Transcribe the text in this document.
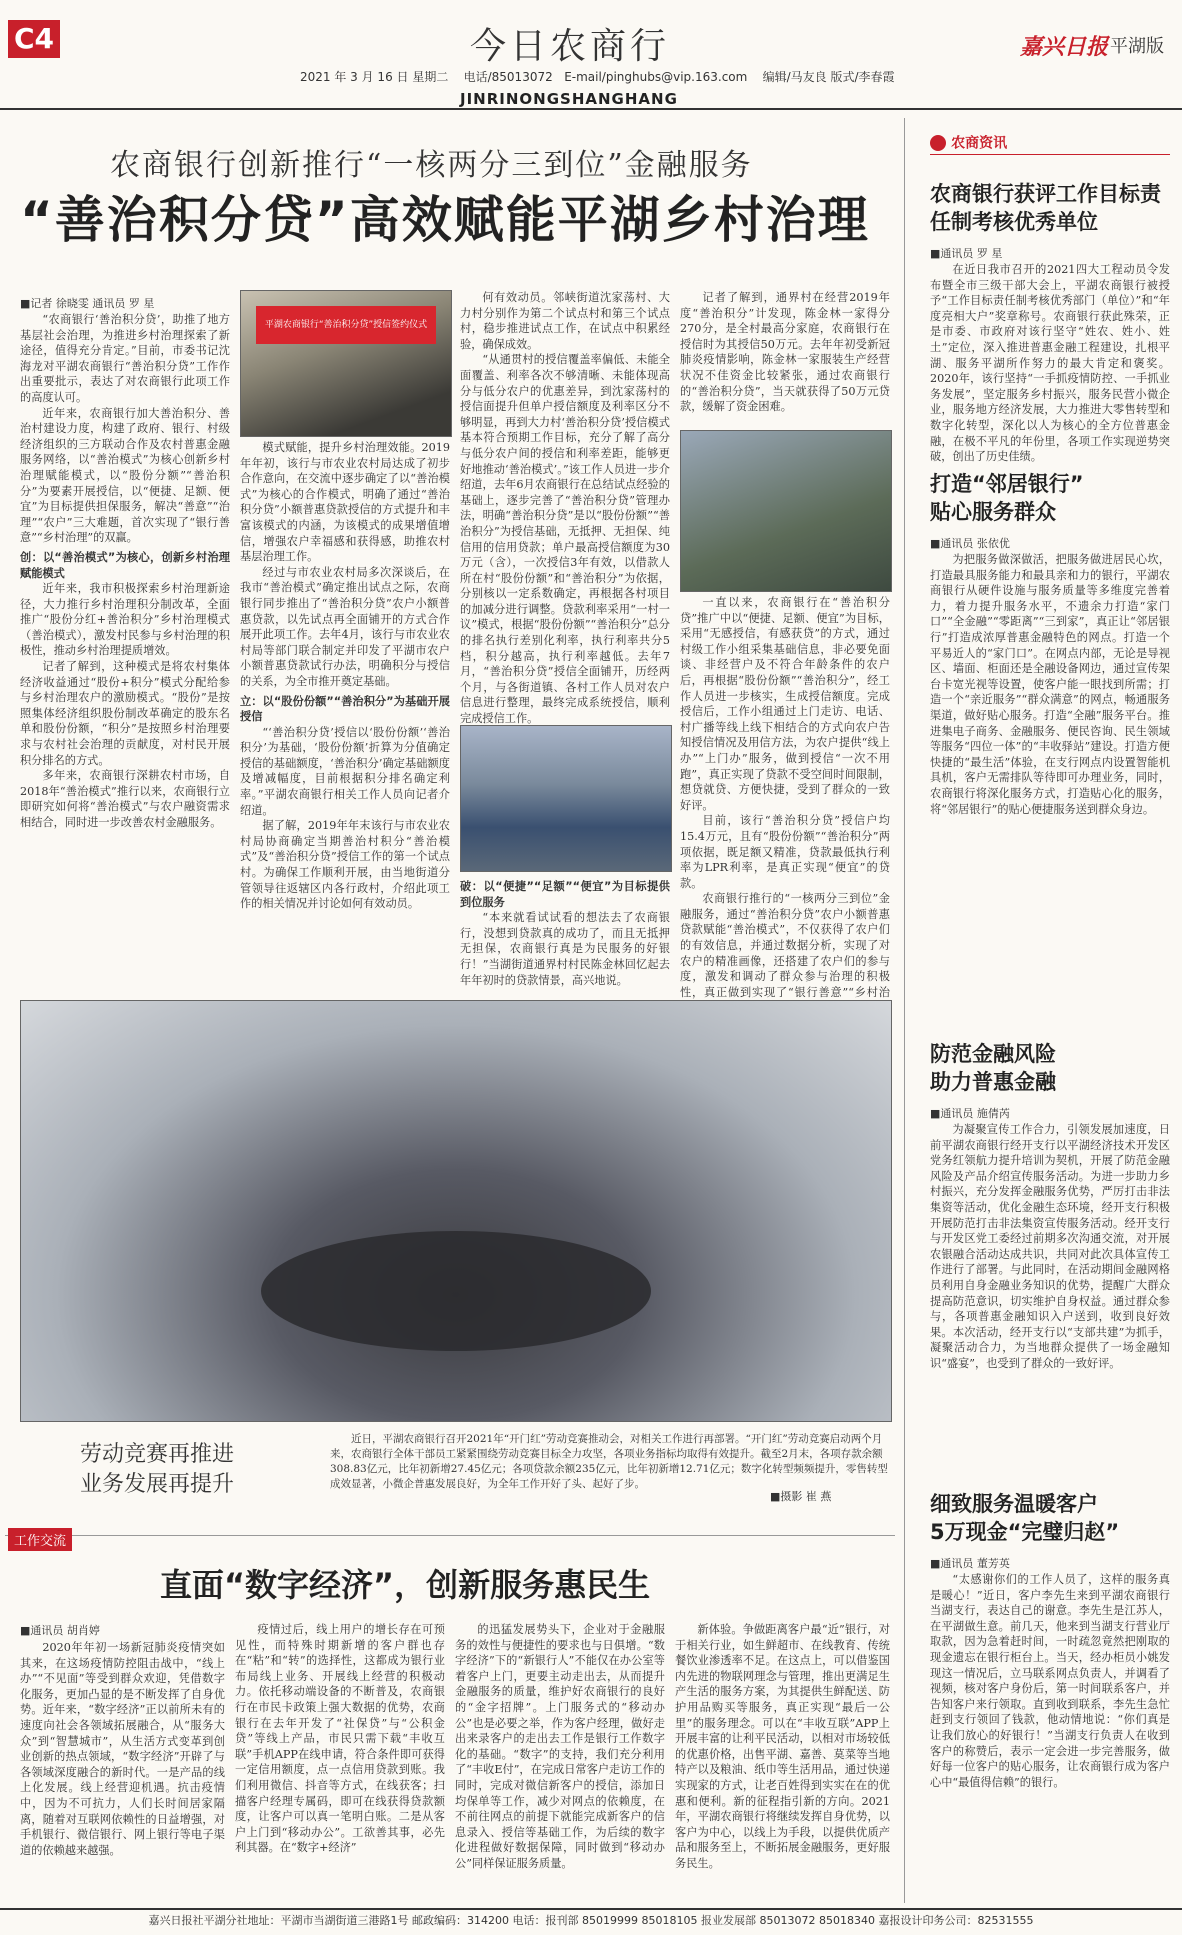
C4	今日农商行	嘉兴日报 平湖版
2021 年 3 月 16 日 星期二 电话/85013072 E-mail/pinghubs@vip.163.com 编辑/马友良 版式/李春霞
JINRINONGSHANGHANG
农商银行创新推行“一核两分三到位”金融服务
“善治积分贷”高效赋能平湖乡村治理
■记者 徐晓雯 通讯员 罗 星

“农商银行‘善治积分贷’，助推了地方基层社会治理，为推进乡村治理探索了新途径，值得充分肯定。”目前，市委书记沈海龙对平湖农商银行“善治积分贷”工作作出重要批示，表达了对农商银行此项工作的高度认可。

近年来，农商银行加大善治积分、善治村建设力度，构建了政府、银行、村级经济组织的三方联动合作及农村普惠金融服务网络，以“善治模式”为核心创新乡村治理赋能模式，以“股份分额”“善治积分”为要素开展授信，以“便捷、足额、便宜”为目标提供担保服务，解决“善意”“治理”“农户”三大难题，首次实现了“银行善意”“乡村治理”的双赢。

创：以“善治模式”为核心，创新乡村治理赋能模式

近年来，我市积极探索乡村治理新途径，大力推行乡村治理积分制改革，全面推广“股份分红+善治积分”乡村治理模式（善治模式），激发村民参与乡村治理的积极性，推动乡村治理提质增效。

记者了解到，这种模式是将农村集体经济收益通过“股份+积分”模式分配给参与乡村治理农户的激励模式。“股份”是按照集体经济组织股份制改革确定的股东名单和股份份额，“积分”是按照乡村治理要求与农村社会治理的贡献度，对村民开展积分排名的方式。

多年来，农商银行深耕农村市场，自2018年“善治模式”推行以来，农商银行立即研究如何将“善治模式”与农户融资需求相结合，同时进一步改善农村金融服务。

平湖农商银行“善治积分贷”授信签约仪式

模式赋能，提升乡村治理效能。2019年年初，该行与市农业农村局达成了初步合作意向，在交流中逐步确定了以“善治模式”为核心的合作模式，明确了通过“善治积分贷”小额普惠贷款授信的方式提升和丰富该模式的内涵，为该模式的成果增值增信，增强农户幸福感和获得感，助推农村基层治理工作。

经过与市农业农村局多次深谈后，在我市“善治模式”确定推出试点之际，农商银行同步推出了“善治积分贷”农户小额普惠贷款，以先试点再全面铺开的方式合作展开此项工作。去年4月，该行与市农业农村局等部门联合制定并印发了平湖市农户小额普惠贷款试行办法，明确积分与授信的关系，为全市推开奠定基础。

立：以“股份份额”“善治积分”为基础开展授信

“‘善治积分贷’授信以‘股份份额’‘善治积分’为基础，‘股份份额’折算为分值确定授信的基础额度，‘善治积分’确定基础额度及增减幅度，目前根据积分排名确定利率。”平湖农商银行相关工作人员向记者介绍道。

据了解，2019年年末该行与市农业农村局协商确定当期善治村积分“善治模式”及“善治积分贷”授信工作的第一个试点村。为确保工作顺利开展，由当地街道分管领导往返辖区内各行政村，介绍此项工作的相关情况并讨论如何有效动员。

何有效动员。邻峡街道沈家荡村、大力村分别作为第二个试点村和第三个试点村，稳步推进试点工作，在试点中积累经验，确保成效。

“从通贯村的授信覆盖率偏低、未能全面覆盖、利率各次不够清晰、未能体现高分与低分农户的优惠差异，到沈家荡村的授信面提升但单户授信额度及利率区分不够明显，再到大力村‘善治积分贷’授信模式基本符合预期工作目标，充分了解了高分与低分农户间的授信和利率差距，能够更好地推动‘善治模式’。”该工作人员进一步介绍道，去年6月农商银行在总结试点经验的基础上，逐步完善了“善治积分贷”管理办法，明确“善治积分贷”是以“股份份额”“善治积分”为授信基础，无抵押、无担保、纯信用的信用贷款；单户最高授信额度为30万元（含），一次授信3年有效，以借款人所在村“股份份额”和“善治积分”为依据，分别核以一定系数确定，再根据各村项目的加减分进行调整。贷款利率采用“一村一议”模式，根据“股份份额”“善治积分”总分的排名执行差别化利率，执行利率共分5档，积分越高，执行利率越低。去年7月，“善治积分贷”授信全面铺开，历经两个月，与各街道镇、各村工作人员对农户信息进行整理，最终完成系统授信，顺利完成授信工作。

破：以“便捷”“足额”“便宜”为目标提供到位服务

“本来就看试试看的想法去了农商银行，没想到贷款真的成功了，而且无抵押无担保，农商银行真是为民服务的好银行！”当湖街道通界村村民陈金林回忆起去年年初时的贷款情景，高兴地说。

记者了解到，通界村在经营2019年度“善治积分”计发现，陈金林一家得分270分，是全村最高分家庭，农商银行在授信时为其授信50万元。去年年初受新冠肺炎疫情影响，陈金林一家服装生产经营状况不佳资金比较紧张，通过农商银行的“善治积分贷”，当天就获得了50万元贷款，缓解了资金困难。

一直以来，农商银行在“善治积分贷”推广中以“便捷、足额、便宜”为目标，采用“无感授信，有感获贷”的方式，通过村级工作小组采集基础信息，非必要免面谈、非经营户及不符合年龄条件的农户后，再根据“股份份额”“善治积分”，经工作人员进一步核实，生成授信额度。完成授信后，工作小组通过上门走访、电话、村广播等线上线下相结合的方式向农户告知授信情况及用信方法，为农户提供“线上办”“上门办”服务，做到授信“一次不用跑”，真正实现了贷款不受空间时间限制，想贷就贷、方便快捷，受到了群众的一致好评。

目前，该行“善治积分贷”授信户均15.4万元，且有“股份份额”“善治积分”两项依据，既足额又精准，贷款最低执行利率为LPR利率，是真正实现“便宜”的贷款。

农商银行推行的“一核两分三到位”金融服务，通过“善治积分贷”农户小额普惠贷款赋能“善治模式”，不仅获得了农户们的有效信息，并通过数据分析，实现了对农户的精准画像，还搭建了农户们的参与度，激发和调动了群众参与治理的积极性，真正做到实现了“银行善意”“乡村治

劳动竞赛再推进
业务发展再提升
近日，平湖农商银行召开2021年“开门红”劳动竞赛推动会，对相关工作进行再部署。“开门红”劳动竞赛启动两个月来，农商银行全体干部员工紧紧围绕劳动竞赛目标全力攻坚，各项业务指标均取得有效提升。截至2月末，各项存款余额308.83亿元，比年初新增27.45亿元；各项贷款余额235亿元，比年初新增12.71亿元；数字化转型频频提升，零售转型成效显著，小微企普惠发展良好，为全年工作开好了头、起好了步。
■摄影 崔 燕
工作交流
直面“数字经济”，创新服务惠民生
■通讯员 胡肖婷

2020年年初一场新冠肺炎疫情突如其来，在这场疫情防控阻击战中，“线上办”“不见面”等受到群众欢迎，凭借数字化服务，更加凸显的是不断发挥了自身优势。近年来，“数字经济”正以前所未有的速度向社会各领域拓展融合，从“服务大众”到“智慧城市”，从生活方式变革到创业创新的热点领域，“数字经济”开辟了与各领域深度融合的新时代。一是产品的线上化发展。线上经营迎机遇。抗击疫情中，因为不可抗力，人们长时间居家隔离，随着对互联网依赖性的日益增强，对手机银行、微信银行、网上银行等电子渠道的依赖越来越强。

疫情过后，线上用户的增长存在可预见性，而特殊时期新增的客户群也存在“粘”和“转”的选择性，这都成为银行业布局线上业务、开展线上经营的积极动力。依托移动端设备的不断普及，农商银行在市民卡政策上强大数据的优势，农商银行在去年开发了“社保贷”与“公积金贷”等线上产品，市民只需下载“丰收互联”手机APP在线申请，符合条件即可获得一定信用额度，点一点信用贷款到账。我们利用微信、抖音等方式，在线获客；扫描客户经理专属码，即可在线获得贷款额度，让客户可以真一笔明白账。二是从客户上门到“移动办公”。工欲善其事，必先利其器。在“数字+经济”

的迅猛发展势头下，企业对于金融服务的效性与便捷性的要求也与日俱增。“数字经济”下的“新银行人”不能仅在办公室等着客户上门，更要主动走出去，从而提升金融服务的质量，维护好农商银行的良好的“金字招牌”。上门服务式的“移动办公”也是必要之举，作为客户经理，做好走出来录客户的走出去工作是银行工作数字化的基础。“数字”的支持，我们充分利用了“丰收E付”，在完成日常客户走访工作的同时，完成对微信新客户的授信，添加日均保单等工作，减少对网点的依赖度，在不前往网点的前提下就能完成新客户的信息录入、授信等基础工作，为后续的数字化进程做好数据保障，同时做到“移动办公”同样保证服务质量。

新体验。争做距离客户最“近”银行，对于相关行业，如生鲜超市、在线教育、传统餐饮业渗透率不足。在这点上，可以借鉴国内先进的物联网理念与管理，推出更满足生产生活的服务方案，为其提供生鲜配送、防护用品购买等服务，真正实现“最后一公里”的服务理念。可以在“丰收互联”APP上开展丰富的让利平民活动，以相对市场较低的优惠价格，出售平湖、嘉善、莫菜等当地特产以及粮油、纸巾等生活用品，通过快递实现家的方式，让老百姓得到实实在在的优惠和便利。新的征程指引新的方向。2021年，平湖农商银行将继续发挥自身优势，以客户为中心，以线上为手段，以提供优质产品和服务至上，不断拓展金融服务，更好服务民生。

农商资讯
农商银行获评工作目标责任制考核优秀单位
■通讯员 罗 星

在近日我市召开的2021四大工程动员令发布暨全市三级干部大会上，平湖农商银行被授予“工作目标责任制考核优秀部门（单位）”和“年度亮相大户”奖章称号。农商银行获此殊荣，正是市委、市政府对该行坚守“姓农、姓小、姓土”定位，深入推进普惠金融工程建设，扎根平湖、服务平湖所作努力的最大肯定和褒奖。2020年，该行坚持“一手抓疫情防控、一手抓业务发展”，坚定服务乡村振兴，服务民营小微企业，服务地方经济发展，大力推进大零售转型和数字化转型，深化以人为核心的全方位普惠金融，在极不平凡的年份里，各项工作实现逆势突破，创出了历史佳绩。

打造“邻居银行”
贴心服务群众
■通讯员 张依优

为把服务做深做活，把服务做进居民心坎，打造最具服务能力和最具亲和力的银行，平湖农商银行从硬件设施与服务质量等多维度完善着力，着力提升服务水平，不遗余力打造“家门口”“全金融”“零距离”“三到家”，真正让“邻居银行”打造成浓厚普惠金融特色的网点。打造一个平易近人的“家门口”。在网点内部，无论是导视区、墙面、柜面还是全融设备网边，通过宣传架台卡宽光视等设置，使客户能一眼找到所需；打造一个“亲近服务”“群众满意”的网点，畅通服务渠道，做好贴心服务。打造“全融”服务平台。推进集电子商务、金融服务、便民咨询、民生领域等服务“四位一体”的“丰收驿站”建设。打造方便快捷的“最生活”体验，在支行网点内设置智能机具机，客户无需排队等待即可办理业务，同时，农商银行将深化服务方式，打造贴心化的服务，将“邻居银行”的贴心便捷服务送到群众身边。

防范金融风险
助力普惠金融
■通讯员 施倩芮

为凝聚宣传工作合力，引领发展加速度，日前平湖农商银行经开支行以平湖经济技术开发区党务红领航力提升培训为契机，开展了防范金融风险及产品介绍宣传服务活动。为进一步助力乡村振兴，充分发挥金融服务优势，严厉打击非法集资等活动，优化金融生态环境，经开支行积极开展防范打击非法集资宣传服务活动。经开支行与开发区党工委经过前期多次沟通交流，对开展农银融合活动达成共识，共同对此次具体宣传工作进行了部署。与此同时，在活动期间金融网格员利用自身金融业务知识的优势，提醒广大群众提高防范意识，切实维护自身权益。通过群众参与，各项普惠金融知识入户送到，收到良好效果。本次活动，经开支行以“支部共建”为抓手，凝聚活动合力，为当地群众提供了一场金融知识“盛宴”，也受到了群众的一致好评。

细致服务温暖客户
5万现金“完璧归赵”
■通讯员 董芳英

“太感谢你们的工作人员了，这样的服务真是暖心！”近日，客户李先生来到平湖农商银行当湖支行，表达自己的谢意。李先生是江苏人，在平湖做生意。前几天，他来到当湖支行营业厅取款，因为急着赶时间，一时疏忽竟然把刚取的现金遗忘在银行柜台上。当天，经办柜员小姚发现这一情况后，立马联系网点负责人，并调看了视频，核对客户身份后，第一时间联系客户，并告知客户来行领取。直到收到联系，李先生急忙赶到支行领回了钱款，他动情地说：“你们真是让我们放心的好银行！”当湖支行负责人在收到客户的称赞后，表示一定会进一步完善服务，做好每一位客户的贴心服务，让农商银行成为客户心中“最值得信赖”的银行。

嘉兴日报社平湖分社地址：平湖市当湖街道三港路1号 邮政编码：314200 电话：报刊部 85019999 85018105 报业发展部 85013072 85018340 嘉报设计印务公司：82531555
